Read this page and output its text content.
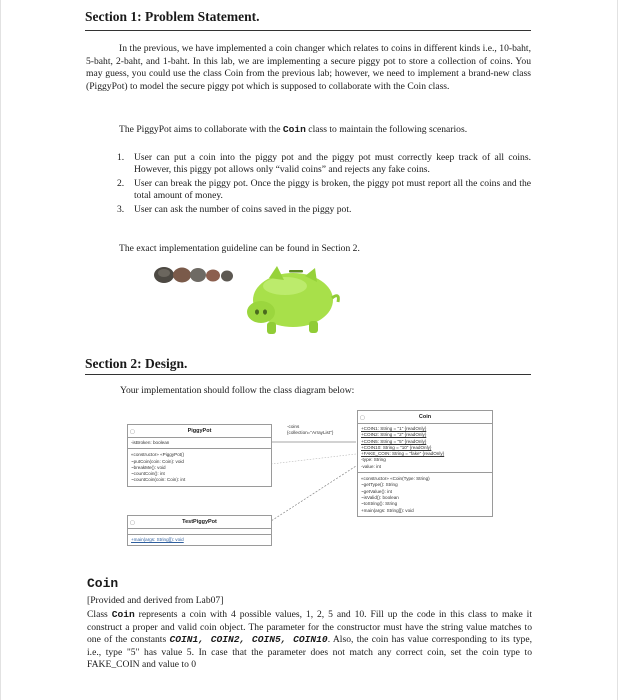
Section 1: Problem Statement.
In the previous, we have implemented a coin changer which relates to coins in different kinds i.e., 10-baht, 5-baht, 2-baht, and 1-baht. In this lab, we are implementing a secure piggy pot to store a collection of coins. You may guess, you could use the class Coin from the previous lab; however, we need to implement a brand-new class (PiggyPot) to model the secure piggy pot which is supposed to collaborate with the Coin class.
The PiggyPot aims to collaborate with the Coin class to maintain the following scenarios.
1. User can put a coin into the piggy pot and the piggy pot must correctly keep track of all coins. However, this piggy pot allows only “valid coins” and rejects any fake coins.
2. User can break the piggy pot. Once the piggy is broken, the piggy pot must report all the coins and the total amount of money.
3. User can ask the number of coins saved in the piggy pot.
The exact implementation guideline can be found in Section 2.
Section 2: Design.
Your implementation should follow the class diagram below:
▢	PiggyPot
-isBroken: boolean
«constructor» «PiggyPot()
~putCoin(coin: Coin): void
~breakMe(): void
~countCoin(): int
~countCoin(coin: Coin): int
-coins
{collection="ArrayList"}
▢	TestPiggyPot
+main(args: String[]): void
▢	Coin
+COIN1: String = "1" {readOnly}
+COIN2: String = "2" {readOnly}
+COIN5: String = "5" {readOnly}
+COIN10: String = "10" {readOnly}
+FAKE_COIN: String = "fake" {readOnly}
-type: String
-value: int
«constructor» «Coin(Type: String)
~getType(): String
~getValue(): int
~isValid(): boolean
~toString(): String
+main(args: String[]): void
Coin
[Provided and derived from Lab07]
Class Coin represents a coin with 4 possible values, 1, 2, 5 and 10. Fill up the code in this class to make it construct a proper and valid coin object. The parameter for the constructor must have the string value matches to one of the constants COIN1, COIN2, COIN5, COIN10. Also, the coin has value corresponding to its type, i.e., type "5" has value 5. In case that the parameter does not match any correct coin, set the coin type to FAKE_COIN and value to 0
